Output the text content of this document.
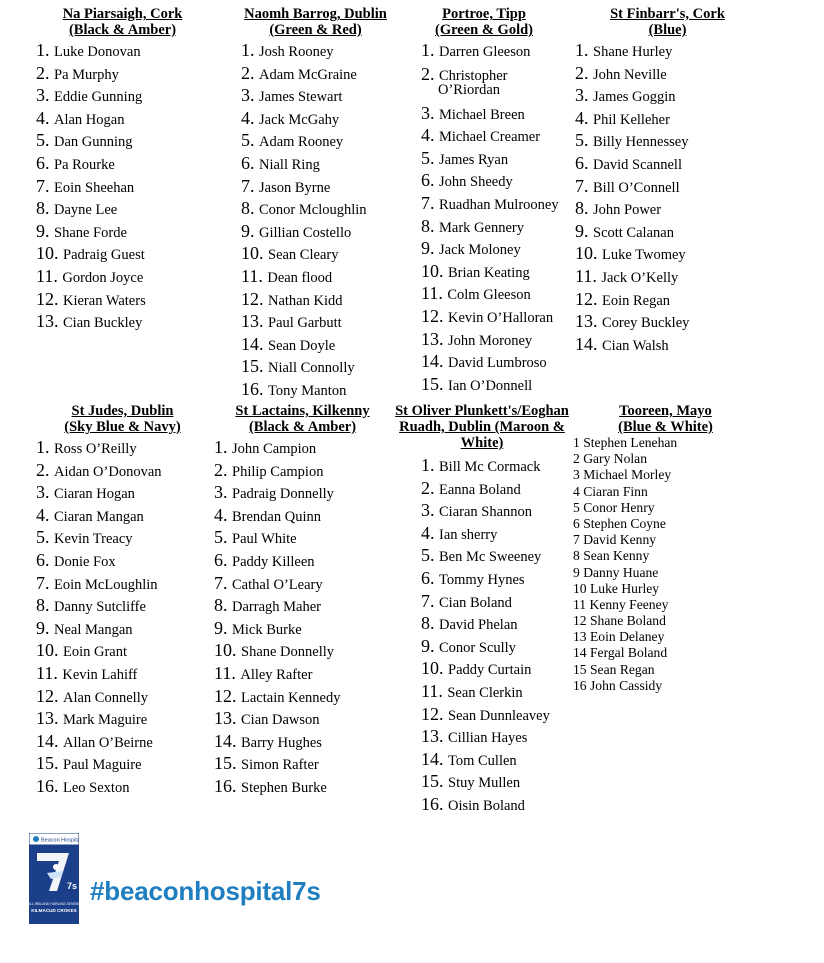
Na Piarsaigh, Cork
(Black & Amber)
1. Luke Donovan
2. Pa Murphy
3. Eddie Gunning
4. Alan Hogan
5. Dan Gunning
6. Pa Rourke
7. Eoin Sheehan
8. Dayne Lee
9. Shane Forde
10. Padraig Guest
11. Gordon Joyce
12. Kieran Waters
13. Cian Buckley
Naomh Barrog, Dublin
(Green & Red)
1. Josh Rooney
2. Adam McGraine
3. James Stewart
4. Jack McGahy
5. Adam Rooney
6. Niall Ring
7. Jason Byrne
8. Conor Mcloughlin
9. Gillian Costello
10. Sean Cleary
11. Dean flood
12. Nathan Kidd
13. Paul Garbutt
14. Sean Doyle
15. Niall Connolly
16. Tony Manton
Portroe, Tipp
(Green & Gold)
1. Darren Gleeson
2. Christopher
O’Riordan
3. Michael Breen
4. Michael Creamer
5. James Ryan
6. John Sheedy
7. Ruadhan Mulrooney
8. Mark Gennery
9. Jack Moloney
10. Brian Keating
11. Colm Gleeson
12. Kevin O’Halloran
13. John Moroney
14. David Lumbroso
15. Ian O’Donnell
St Finbarr's, Cork
(Blue)
1. Shane Hurley
2. John Neville
3. James Goggin
4. Phil Kelleher
5. Billy Hennessey
6. David Scannell
7. Bill O’Connell
8. John Power
9. Scott Calanan
10. Luke Twomey
11. Jack O’Kelly
12. Eoin Regan
13. Corey Buckley
14. Cian Walsh
St Judes, Dublin
(Sky Blue & Navy)
1. Ross O’Reilly
2. Aidan O’Donovan
3. Ciaran Hogan
4. Ciaran Mangan
5. Kevin Treacy
6. Donie Fox
7. Eoin McLoughlin
8. Danny Sutcliffe
9. Neal Mangan
10. Eoin Grant
11. Kevin Lahiff
12. Alan Connelly
13. Mark Maguire
14. Allan O’Beirne
15. Paul Maguire
16. Leo Sexton
St Lactains, Kilkenny
(Black & Amber)
1. John Campion
2. Philip Campion
3. Padraig Donnelly
4. Brendan Quinn
5. Paul White
6. Paddy Killeen
7. Cathal O’Leary
8. Darragh Maher
9. Mick Burke
10. Shane Donnelly
11. Alley Rafter
12. Lactain Kennedy
13. Cian Dawson
14. Barry Hughes
15. Simon Rafter
16. Stephen Burke
St Oliver Plunkett's/Eoghan
Ruadh, Dublin (Maroon &
White)
1. Bill Mc Cormack
2. Eanna Boland
3. Ciaran Shannon
4. Ian sherry
5. Ben Mc Sweeney
6. Tommy Hynes
7. Cian Boland
8. David Phelan
9. Conor Scully
10. Paddy Curtain
11. Sean Clerkin
12. Sean Dunnleavey
13. Cillian Hayes
14. Tom Cullen
15. Stuy Mullen
16. Oisin Boland
Tooreen, Mayo
(Blue & White)
1 Stephen Lenehan
2 Gary Nolan
3 Michael Morley
4 Ciaran Finn
5 Conor Henry
6 Stephen Coyne
7 David Kenny
8 Sean Kenny
9 Danny Huane
10 Luke Hurley
11 Kenny Feeney
12 Shane Boland
13 Eoin Delaney
14 Fergal Boland
15 Sean Regan
16 John Cassidy
Beacon Hospital
7s
ALL IRELAND HURLING SEVENS
KILMACUD CROKES
#beaconhospital7s
